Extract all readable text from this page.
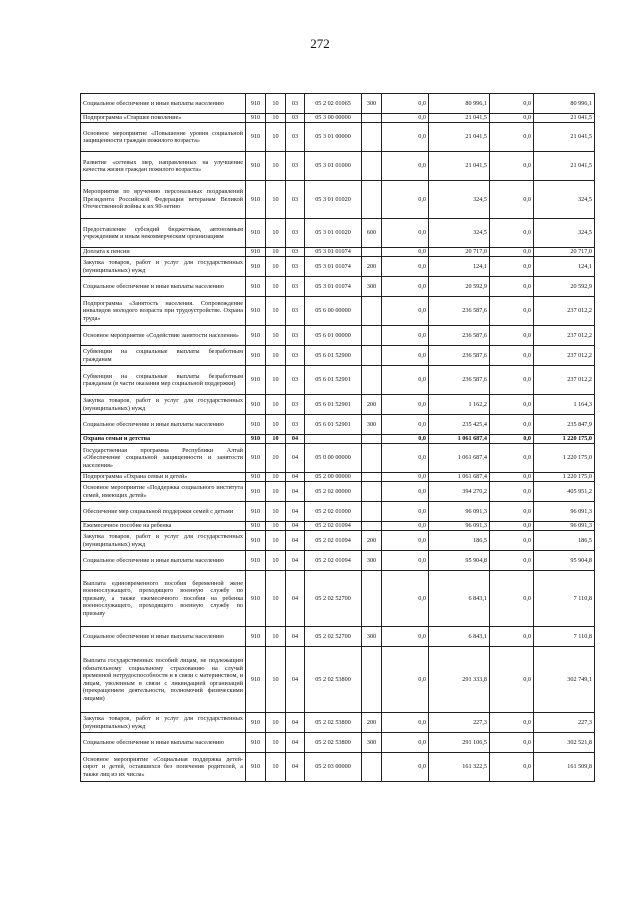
272
Социальное обеспечение и иные выплаты населению	910	10	03	05 2 02 01065	300	0,0	80 996,1	0,0	80 996,1
Подпрограмма «Старшее поколение»	910	10	03	05 3 00 00000		0,0	21 041,5	0,0	21 041,5
Основное мероприятие «Повышение уровня социальной защищенности граждан пожилого возраста»	910	10	03	05 3 01 00000		0,0	21 041,5	0,0	21 041,5
Развитие «сетевых мер, направленных на улучшение качества жизни граждан пожилого возраста»	910	10	03	05 3 01 01000		0,0	21 041,5	0,0	21 041,5
Мероприятия по вручению персональных поздравлений Президента Российской Федерации ветеранам Великой Отечественной войны к их 90-летию	910	10	03	05 3 01 01020		0,0	324,5	0,0	324,5
Предоставление субсидий бюджетным, автономным учреждениям и иным некоммерческим организациям	910	10	03	05 3 01 01020	600	0,0	324,5	0,0	324,5
Доплата к пенсии	910	10	03	05 3 01 01074		0,0	20 717,0	0,0	20 717,0
Закупка товаров, работ и услуг для государственных (муниципальных) нужд	910	10	03	05 3 01 01074	200	0,0	124,1	0,0	124,1
Социальное обеспечение и иные выплаты населению	910	10	03	05 3 01 01074	300	0,0	20 592,9	0,0	20 592,9
Подпрограмма «Занятость населения. Сопровождение инвалидов молодого возраста при трудоустройстве. Охрана труда»	910	10	03	05 6 00 00000		0,0	236 587,6	0,0	237 012,2
Основное мероприятие «Содействие занятости населения»	910	10	03	05 6 01 00000		0,0	236 587,6	0,0	237 012,2
Субвенции на социальные выплаты безработным гражданам	910	10	03	05 6 01 52900		0,0	236 587,6	0,0	237 012,2
Субвенции на социальные выплаты безработным гражданам (в части оказания мер социальной поддержки)	910	10	03	05 6 01 52901		0,0	236 587,6	0,0	237 012,2
Закупка товаров, работ и услуг для государственных (муниципальных) нужд	910	10	03	05 6 01 52901	200	0,0	1 162,2	0,0	1 164,3
Социальное обеспечение и иные выплаты населению	910	10	03	05 6 01 52901	300	0,0	235 425,4	0,0	235 847,9
Охрана семьи и детства	910	10	04			0,0	1 061 687,4	0,0	1 220 175,0
Государственная программа Республики Алтай «Обеспечение социальной защищенности и занятости населения»	910	10	04	05 0 00 00000		0,0	1 061 687,4	0,0	1 220 175,0
Подпрограмма «Охрана семьи и детей»	910	10	04	05 2 00 00000		0,0	1 061 687,4	0,0	1 220 175,0
Основное мероприятие «Поддержка социального института семей, имеющих детей»	910	10	04	05 2 02 00000		0,0	394 270,2	0,0	405 951,2
Обеспечение мер социальной поддержки семей с детьми	910	10	04	05 2 02 01000		0,0	96 091,3	0,0	96 091,3
Ежемесячное пособие на ребенка	910	10	04	05 2 02 01094		0,0	96 091,3	0,0	96 091,3
Закупка товаров, работ и услуг для государственных (муниципальных) нужд	910	10	04	05 2 02 01094	200	0,0	186,5	0,0	186,5
Социальное обеспечение и иные выплаты населению	910	10	04	05 2 02 01094	300	0,0	95 904,8	0,0	95 904,8
Выплата единовременного пособия беременной жене военнослужащего, проходящего военную службу по призыву, а также ежемесячного пособия на ребенка военнослужащего, проходящего военную службу по призыву	910	10	04	05 2 02 52700		0,0	6 843,1	0,0	7 110,8
Социальное обеспечение и иные выплаты населению	910	10	04	05 2 02 52700	300	0,0	6 843,1	0,0	7 110,8
Выплата государственных пособий лицам, не подлежащим обязательному социальному страхованию на случай временной нетрудоспособности и в связи с материнством, и лицам, уволенным в связи с ликвидацией организаций (прекращением деятельности, полномочий физическими лицами)	910	10	04	05 2 02 53800		0,0	291 333,8	0,0	302 749,1
Закупка товаров, работ и услуг для государственных (муниципальных) нужд	910	10	04	05 2 02 53800	200	0,0	227,3	0,0	227,3
Социальное обеспечение и иные выплаты населению	910	10	04	05 2 02 53800	300	0,0	291 106,5	0,0	302 521,8
Основное мероприятие «Социальная поддержка детей-сирот и детей, оставшихся без попечения родителей, а также лиц из их числа»	910	10	04	05 2 03 00000		0,0	161 322,5	0,0	161 509,8
